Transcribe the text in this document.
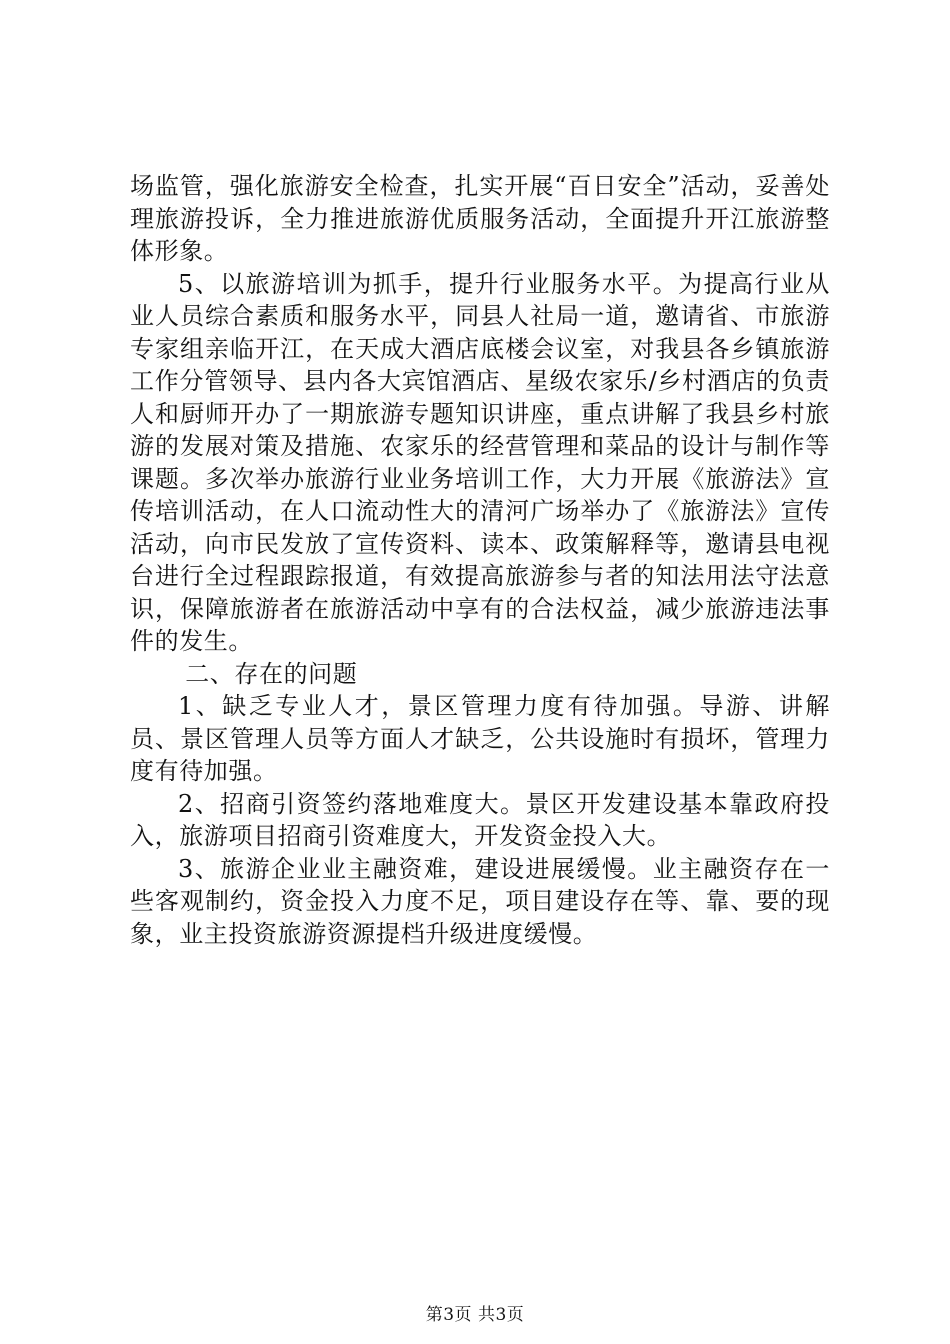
场监管，强化旅游安全检查，扎实开展“百日安全”活动，妥善处理旅游投诉，全力推进旅游优质服务活动，全面提升开江旅游整体形象。

5、以旅游培训为抓手，提升行业服务水平。为提高行业从业人员综合素质和服务水平，同县人社局一道，邀请省、市旅游专家组亲临开江，在天成大酒店底楼会议室，对我县各乡镇旅游工作分管领导、县内各大宾馆酒店、星级农家乐/乡村酒店的负责人和厨师开办了一期旅游专题知识讲座，重点讲解了我县乡村旅游的发展对策及措施、农家乐的经营管理和菜品的设计与制作等课题。多次举办旅游行业业务培训工作，大力开展《旅游法》宣传培训活动，在人口流动性大的清河广场举办了《旅游法》宣传活动，向市民发放了宣传资料、读本、政策解释等，邀请县电视台进行全过程跟踪报道，有效提高旅游参与者的知法用法守法意识，保障旅游者在旅游活动中享有的合法权益，减少旅游违法事件的发生。

二、存在的问题

1、缺乏专业人才，景区管理力度有待加强。导游、讲解员、景区管理人员等方面人才缺乏，公共设施时有损坏，管理力度有待加强。

2、招商引资签约落地难度大。景区开发建设基本靠政府投入，旅游项目招商引资难度大，开发资金投入大。

3、旅游企业业主融资难，建设进展缓慢。业主融资存在一些客观制约，资金投入力度不足，项目建设存在等、靠、要的现象，业主投资旅游资源提档升级进度缓慢。

第3页 共3页
